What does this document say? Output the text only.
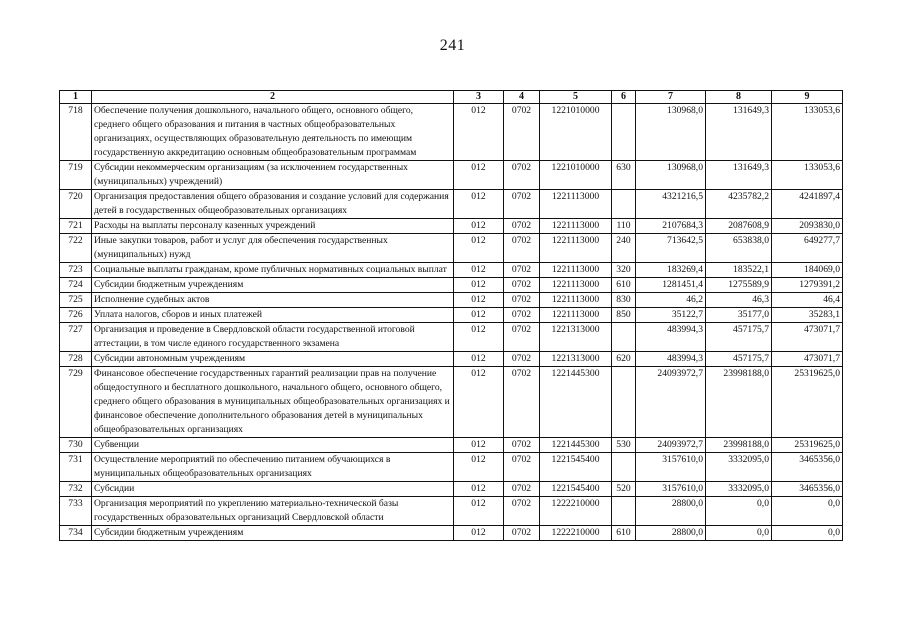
241
1	2	3	4	5	6	7	8	9
718	Обеспечение получения дошкольного, начального общего, основного общего, среднего общего образования и питания в частных общеобразовательных организациях, осуществляющих образовательную деятельность по имеющим государственную аккредитацию основным общеобразовательным программам	012	0702	1221010000		130968,0	131649,3	133053,6
719	Субсидии некоммерческим организациям (за исключением государственных (муниципальных) учреждений)	012	0702	1221010000	630	130968,0	131649,3	133053,6
720	Организация предоставления общего образования и создание условий для содержания детей в государственных общеобразовательных организациях	012	0702	1221113000		4321216,5	4235782,2	4241897,4
721	Расходы на выплаты персоналу казенных учреждений	012	0702	1221113000	110	2107684,3	2087608,9	2093830,0
722	Иные закупки товаров, работ и услуг для обеспечения государственных (муниципальных) нужд	012	0702	1221113000	240	713642,5	653838,0	649277,7
723	Социальные выплаты гражданам, кроме публичных нормативных социальных выплат	012	0702	1221113000	320	183269,4	183522,1	184069,0
724	Субсидии бюджетным учреждениям	012	0702	1221113000	610	1281451,4	1275589,9	1279391,2
725	Исполнение судебных актов	012	0702	1221113000	830	46,2	46,3	46,4
726	Уплата налогов, сборов и иных платежей	012	0702	1221113000	850	35122,7	35177,0	35283,1
727	Организация и проведение в Свердловской области государственной итоговой аттестации, в том числе единого государственного экзамена	012	0702	1221313000		483994,3	457175,7	473071,7
728	Субсидии автономным учреждениям	012	0702	1221313000	620	483994,3	457175,7	473071,7
729	Финансовое обеспечение государственных гарантий реализации прав на получение общедоступного и бесплатного дошкольного, начального общего, основного общего, среднего общего образования в муниципальных общеобразовательных организациях и финансовое обеспечение дополнительного образования детей в муниципальных общеобразовательных организациях	012	0702	1221445300		24093972,7	23998188,0	25319625,0
730	Субвенции	012	0702	1221445300	530	24093972,7	23998188,0	25319625,0
731	Осуществление мероприятий по обеспечению питанием обучающихся в муниципальных общеобразовательных организациях	012	0702	1221545400		3157610,0	3332095,0	3465356,0
732	Субсидии	012	0702	1221545400	520	3157610,0	3332095,0	3465356,0
733	Организация мероприятий по укреплению материально-технической базы государственных образовательных организаций Свердловской области	012	0702	1222210000		28800,0	0,0	0,0
734	Субсидии бюджетным учреждениям	012	0702	1222210000	610	28800,0	0,0	0,0
